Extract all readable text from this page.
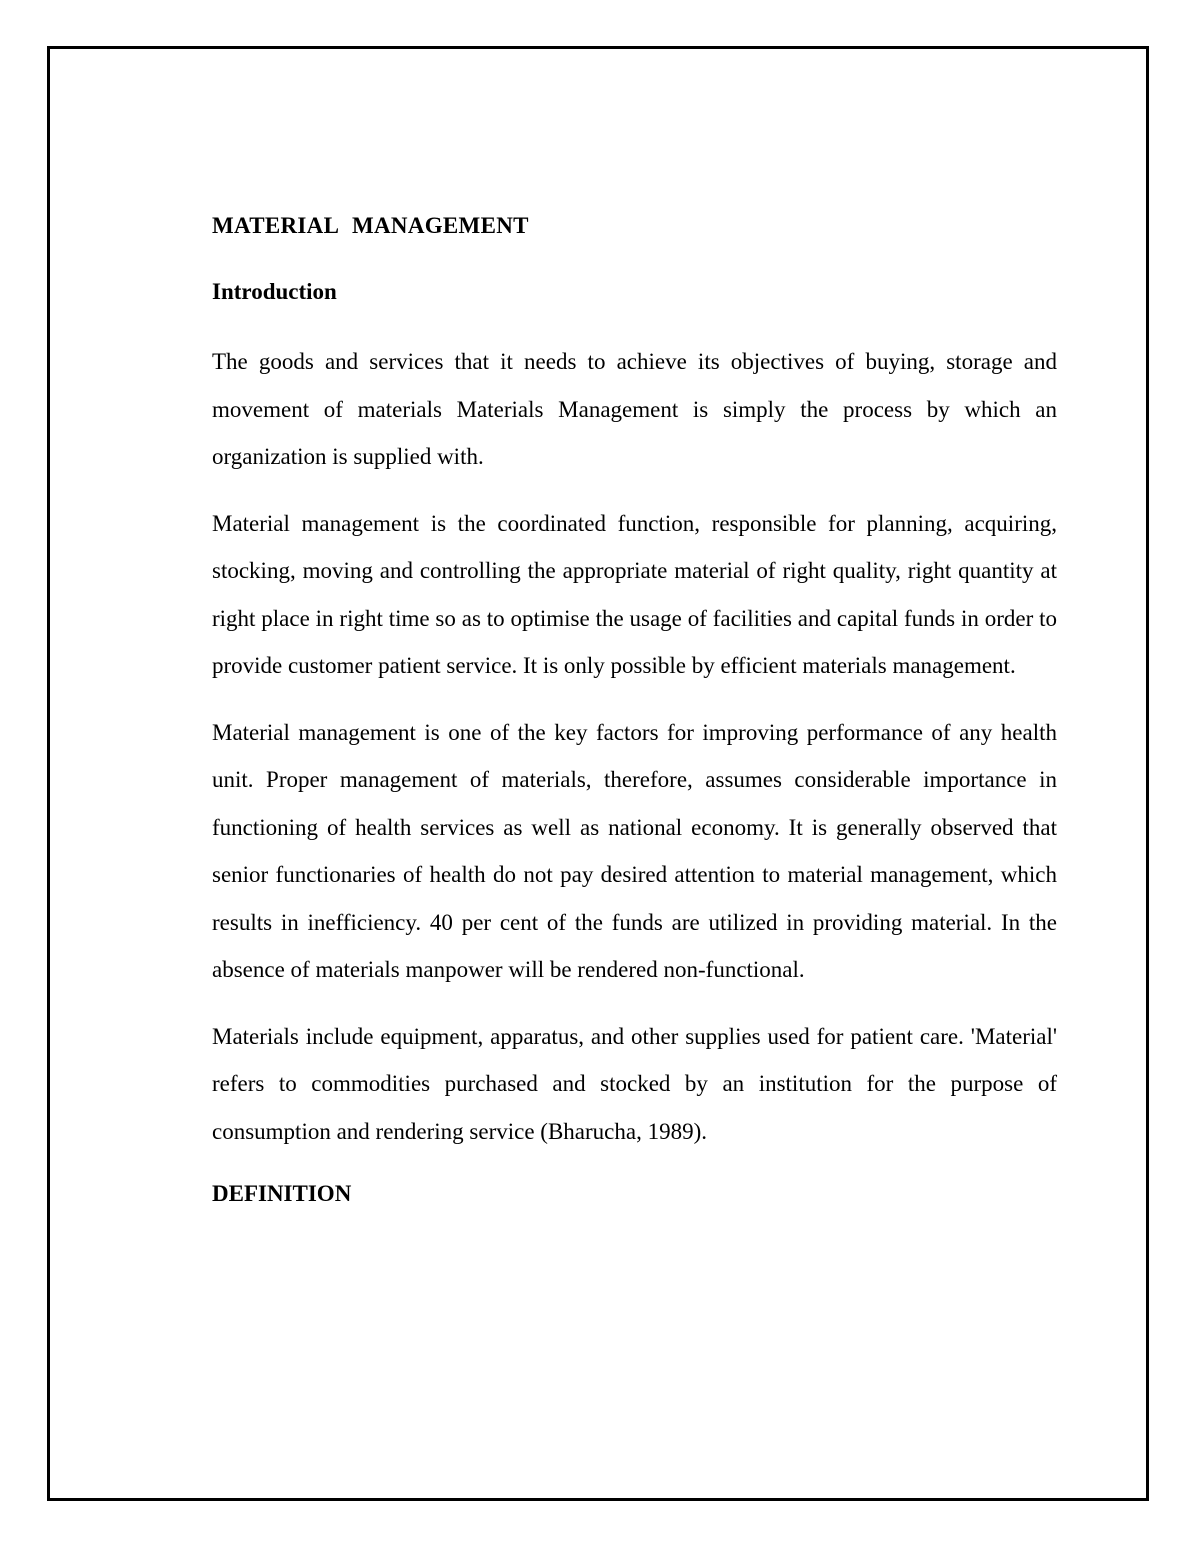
MATERIAL MANAGEMENT
Introduction

The goods and services that it needs to achieve its objectives of buying, storage and movement of materials Materials Management is simply the process by which an organization is supplied with.

Material management is the coordinated function, responsible for planning, acquiring, stocking, moving and controlling the appropriate material of right quality, right quantity at right place in right time so as to optimise the usage of facilities and capital funds in order to provide customer patient service. It is only possible by efficient materials management.

Material management is one of the key factors for improving performance of any health unit. Proper management of materials, therefore, assumes considerable importance in functioning of health services as well as national economy. It is generally observed that senior functionaries of health do not pay desired attention to material management, which results in inefficiency. 40 per cent of the funds are utilized in providing material. In the absence of materials manpower will be rendered non-functional.

Materials include equipment, apparatus, and other supplies used for patient care. 'Material' refers to commodities purchased and stocked by an institution for the purpose of consumption and rendering service (Bharucha, 1989).

DEFINITION
